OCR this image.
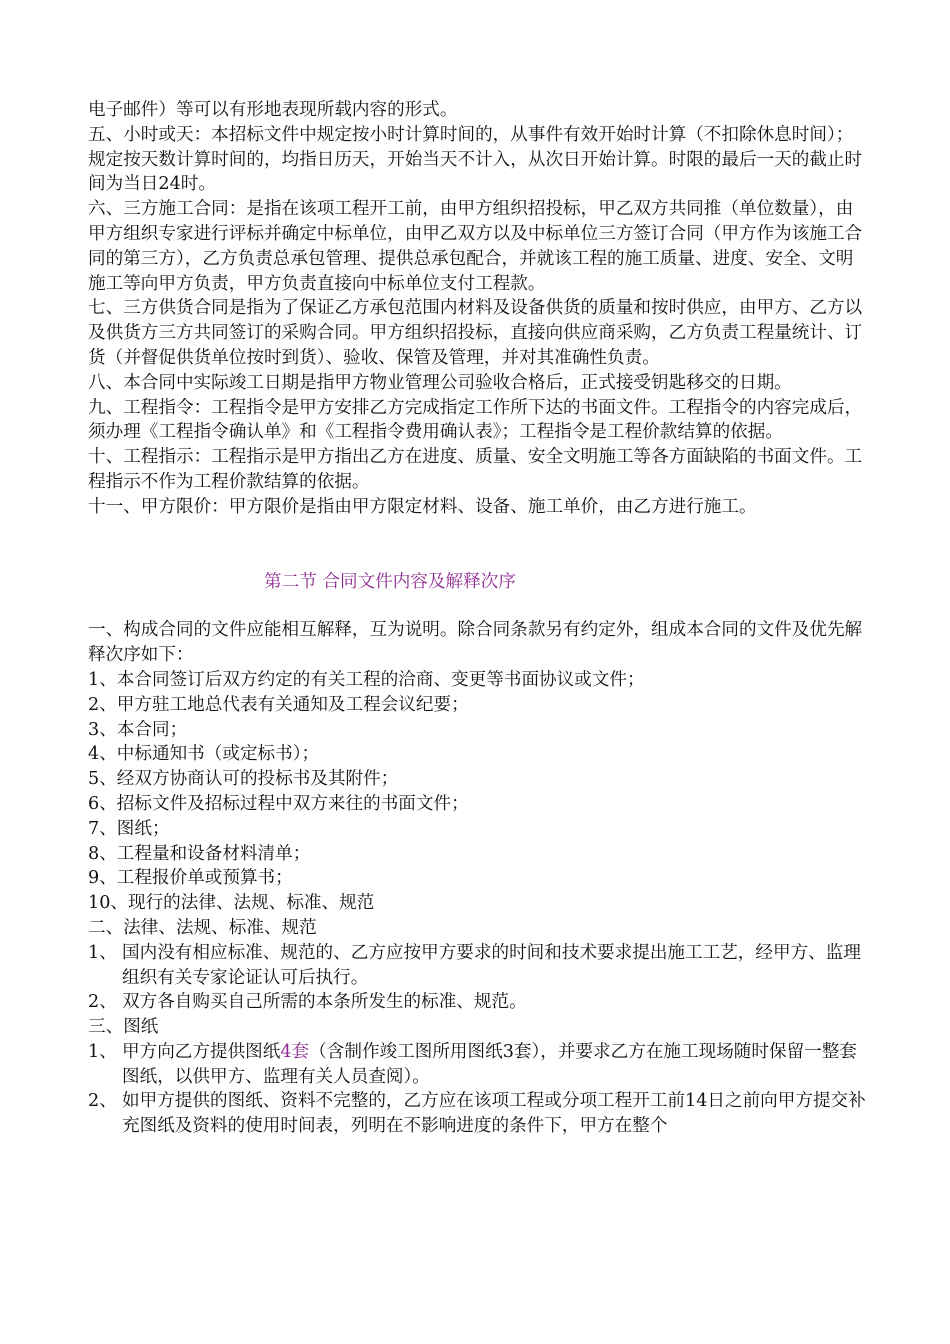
电子邮件）等可以有形地表现所载内容的形式。

五、小时或天：本招标文件中规定按小时计算时间的，从事件有效开始时计算（不扣除休息时间）；规定按天数计算时间的，均指日历天，开始当天不计入，从次日开始计算。时限的最后一天的截止时间为当日24时。

六、三方施工合同：是指在该项工程开工前，由甲方组织招投标，甲乙双方共同推（单位数量），由甲方组织专家进行评标并确定中标单位，由甲乙双方以及中标单位三方签订合同（甲方作为该施工合同的第三方），乙方负责总承包管理、提供总承包配合，并就该工程的施工质量、进度、安全、文明施工等向甲方负责，甲方负责直接向中标单位支付工程款。

七、三方供货合同是指为了保证乙方承包范围内材料及设备供货的质量和按时供应，由甲方、乙方以及供货方三方共同签订的采购合同。甲方组织招投标，直接向供应商采购，乙方负责工程量统计、订货（并督促供货单位按时到货）、验收、保管及管理，并对其准确性负责。

八、本合同中实际竣工日期是指甲方物业管理公司验收合格后，正式接受钥匙移交的日期。

九、工程指令：工程指令是甲方安排乙方完成指定工作所下达的书面文件。工程指令的内容完成后，须办理《工程指令确认单》和《工程指令费用确认表》；工程指令是工程价款结算的依据。

十、工程指示：工程指示是甲方指出乙方在进度、质量、安全文明施工等各方面缺陷的书面文件。工程指示不作为工程价款结算的依据。

十一、甲方限价：甲方限价是指由甲方限定材料、设备、施工单价，由乙方进行施工。

第二节 合同文件内容及解释次序

一、构成合同的文件应能相互解释，互为说明。除合同条款另有约定外，组成本合同的文件及优先解释次序如下：

1、本合同签订后双方约定的有关工程的洽商、变更等书面协议或文件；

2、甲方驻工地总代表有关通知及工程会议纪要；

3、本合同；

4、中标通知书（或定标书）；

5、经双方协商认可的投标书及其附件；

6、招标文件及招标过程中双方来往的书面文件；

7、图纸；

8、工程量和设备材料清单；

9、工程报价单或预算书；

10、现行的法律、法规、标准、规范

二、法律、法规、标准、规范

1、 国内没有相应标准、规范的、乙方应按甲方要求的时间和技术要求提出施工工艺，经甲方、监理组织有关专家论证认可后执行。
2、 双方各自购买自己所需的本条所发生的标准、规范。

三、图纸

1、 甲方向乙方提供图纸4套（含制作竣工图所用图纸3套），并要求乙方在施工现场随时保留一整套图纸，以供甲方、监理有关人员查阅）。
2、 如甲方提供的图纸、资料不完整的，乙方应在该项工程或分项工程开工前14日之前向甲方提交补充图纸及资料的使用时间表，列明在不影响进度的条件下，甲方在整个
